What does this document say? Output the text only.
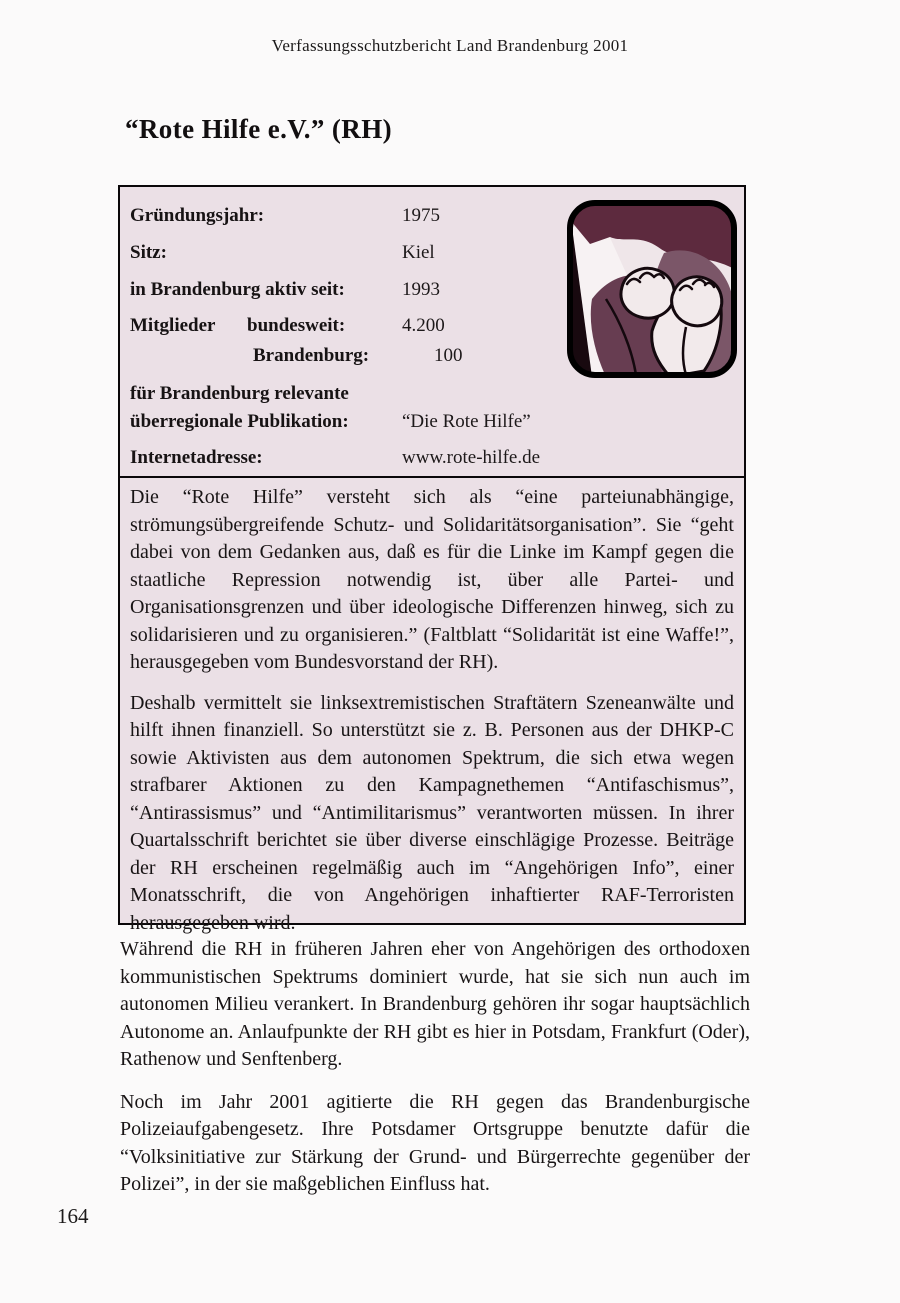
Verfassungsschutzbericht Land Brandenburg 2001
“Rote Hilfe e.V.” (RH)
Gründungsjahr:	1975
Sitz:	Kiel
in Brandenburg aktiv seit:	1993
Mitglieder bundesweit:	4.200
Brandenburg:	100
für Brandenburg relevante
überregionale Publikation:	“Die Rote Hilfe”
Internetadresse:	www.rote-hilfe.de

Die “Rote Hilfe” versteht sich als “eine parteiunabhängige, strömungsübergreifende Schutz- und Solidaritätsorganisation”. Sie “geht dabei von dem Gedanken aus, daß es für die Linke im Kampf gegen die staatliche Repression notwendig ist, über alle Partei- und Organisationsgrenzen und über ideologische Differenzen hinweg, sich zu solidarisieren und zu organisieren.” (Faltblatt “Solidarität ist eine Waffe!”, herausgegeben vom Bundesvorstand der RH).

Deshalb vermittelt sie linksextremistischen Straftätern Szeneanwälte und hilft ihnen finanziell. So unterstützt sie z. B. Personen aus der DHKP-C sowie Aktivisten aus dem autonomen Spektrum, die sich etwa wegen strafbarer Aktionen zu den Kampagnethemen “Antifaschismus”, “Antirassismus” und “Antimilitarismus” verantworten müssen. In ihrer Quartalsschrift berichtet sie über diverse einschlägige Prozesse. Beiträge der RH erscheinen regelmäßig auch im “Angehörigen Info”, einer Monatsschrift, die von Angehörigen inhaftierter RAF-Terroristen herausgegeben wird.

Während die RH in früheren Jahren eher von Angehörigen des orthodoxen kommunistischen Spektrums dominiert wurde, hat sie sich nun auch im autonomen Milieu verankert. In Brandenburg gehören ihr sogar hauptsächlich Autonome an. Anlaufpunkte der RH gibt es hier in Potsdam, Frankfurt (Oder), Rathenow und Senftenberg.

Noch im Jahr 2001 agitierte die RH gegen das Brandenburgische Polizeiaufgabengesetz. Ihre Potsdamer Ortsgruppe benutzte dafür die “Volksinitiative zur Stärkung der Grund- und Bürgerrechte gegenüber der Polizei”, in der sie maßgeblichen Einfluss hat.

164
